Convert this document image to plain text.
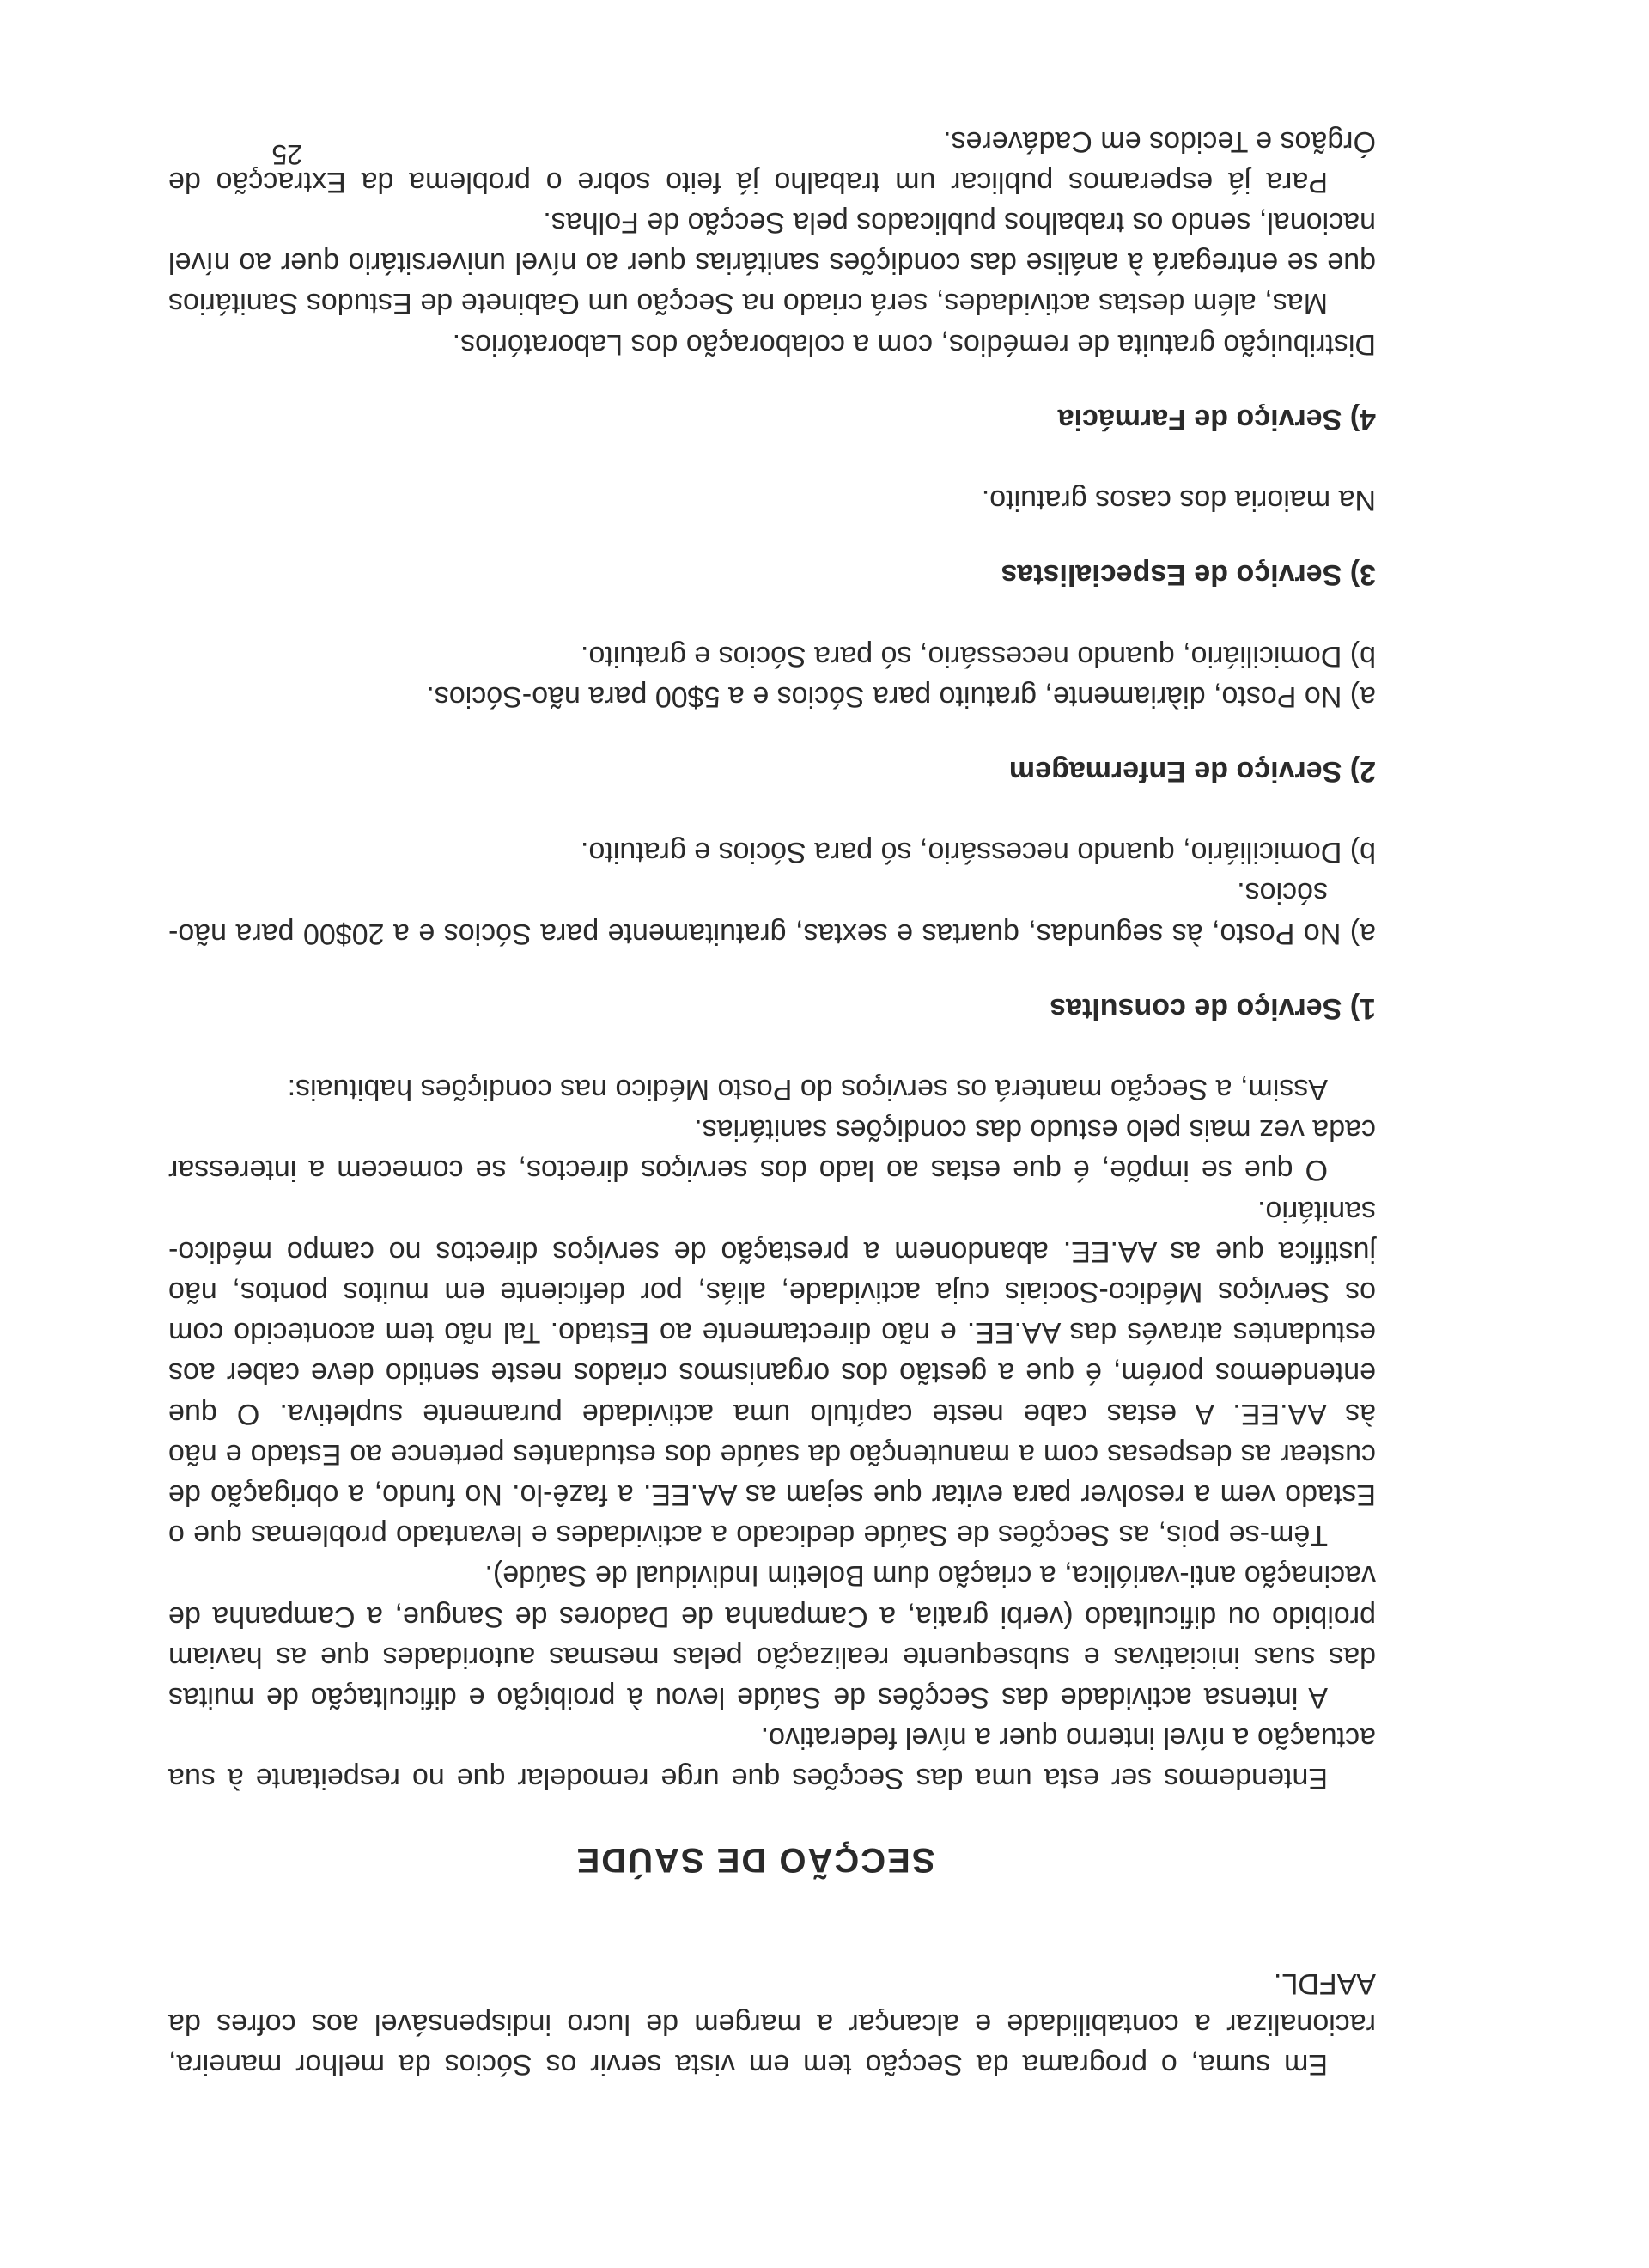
Em suma, o programa da Secção tem em vista servir os Sócios da melhor maneira, racionalizar a contabilidade e alcançar a margem de lucro indispensável aos cofres da AAFDL.

SECÇÃO DE SAÚDE

Entendemos ser esta uma das Secções que urge remodelar que no respeitante à sua actuação a nível interno quer a nível federativo.

A intensa actividade das Secções de Saúde levou à proibição e dificultação de muitas das suas iniciativas e subsequente realização pelas mesmas autoridades que as haviam proibido ou dificultado (verbi gratia, a Campanha de Dadores de Sangue, a Campanha de vacinação anti-variólica, a criação dum Boletim Individual de Saúde).

Têm-se pois, as Secções de Saúde dedicado a actividades e levantado problemas que o Estado vem a resolver para evitar que sejam as AA.EE. a fazê-lo. No fundo, a obrigação de custear as despesas com a manutenção da saúde dos estudantes pertence ao Estado e não às AA.EE. A estas cabe neste capítulo uma actividade puramente supletiva. O que entendemos porém, é que a gestão dos organismos criados neste sentido deve caber aos estudantes através das AA.EE. e não directamente ao Estado. Tal não tem acontecido com os Serviços Médico-Sociais cuja actividade, aliás, por deficiente em muitos pontos, não justifica que as AA.EE. abandonem a prestação de serviços directos no campo médico-sanitário.

O que se impõe, é que estas ao lado dos serviços directos, se comecem a interessar cada vez mais pelo estudo das condições sanitárias.

Assim, a Secção manterá os serviços do Posto Médico nas condições habituais:

1) Serviço de consultas

a) No Posto, às segundas, quartas e sextas, gratuitamente para Sócios e a 20$00 para não-sócios.

b) Domiciliário, quando necessário, só para Sócios e gratuito.

2) Serviço de Enfermagem

a) No Posto, diàriamente, gratuito para Sócios e a 5$00 para não-Sócios.

b) Domiciliário, quando necessário, só para Sócios e gratuito.

3) Serviço de Especialistas

Na maioria dos casos gratuito.

4) Serviço de Farmácia

Distribuição gratuita de remédios, com a colaboração dos Laboratórios.

Mas, além destas actividades, será criado na Secção um Gabinete de Estudos Sanitários que se entregará à análise das condições sanitárias quer ao nível universitário quer ao nível nacional, sendo os trabalhos publicados pela Secção de Folhas.

Para já esperamos publicar um trabalho já feito sobre o problema da Extracção de Órgãos e Tecidos em Cadáveres.

25
